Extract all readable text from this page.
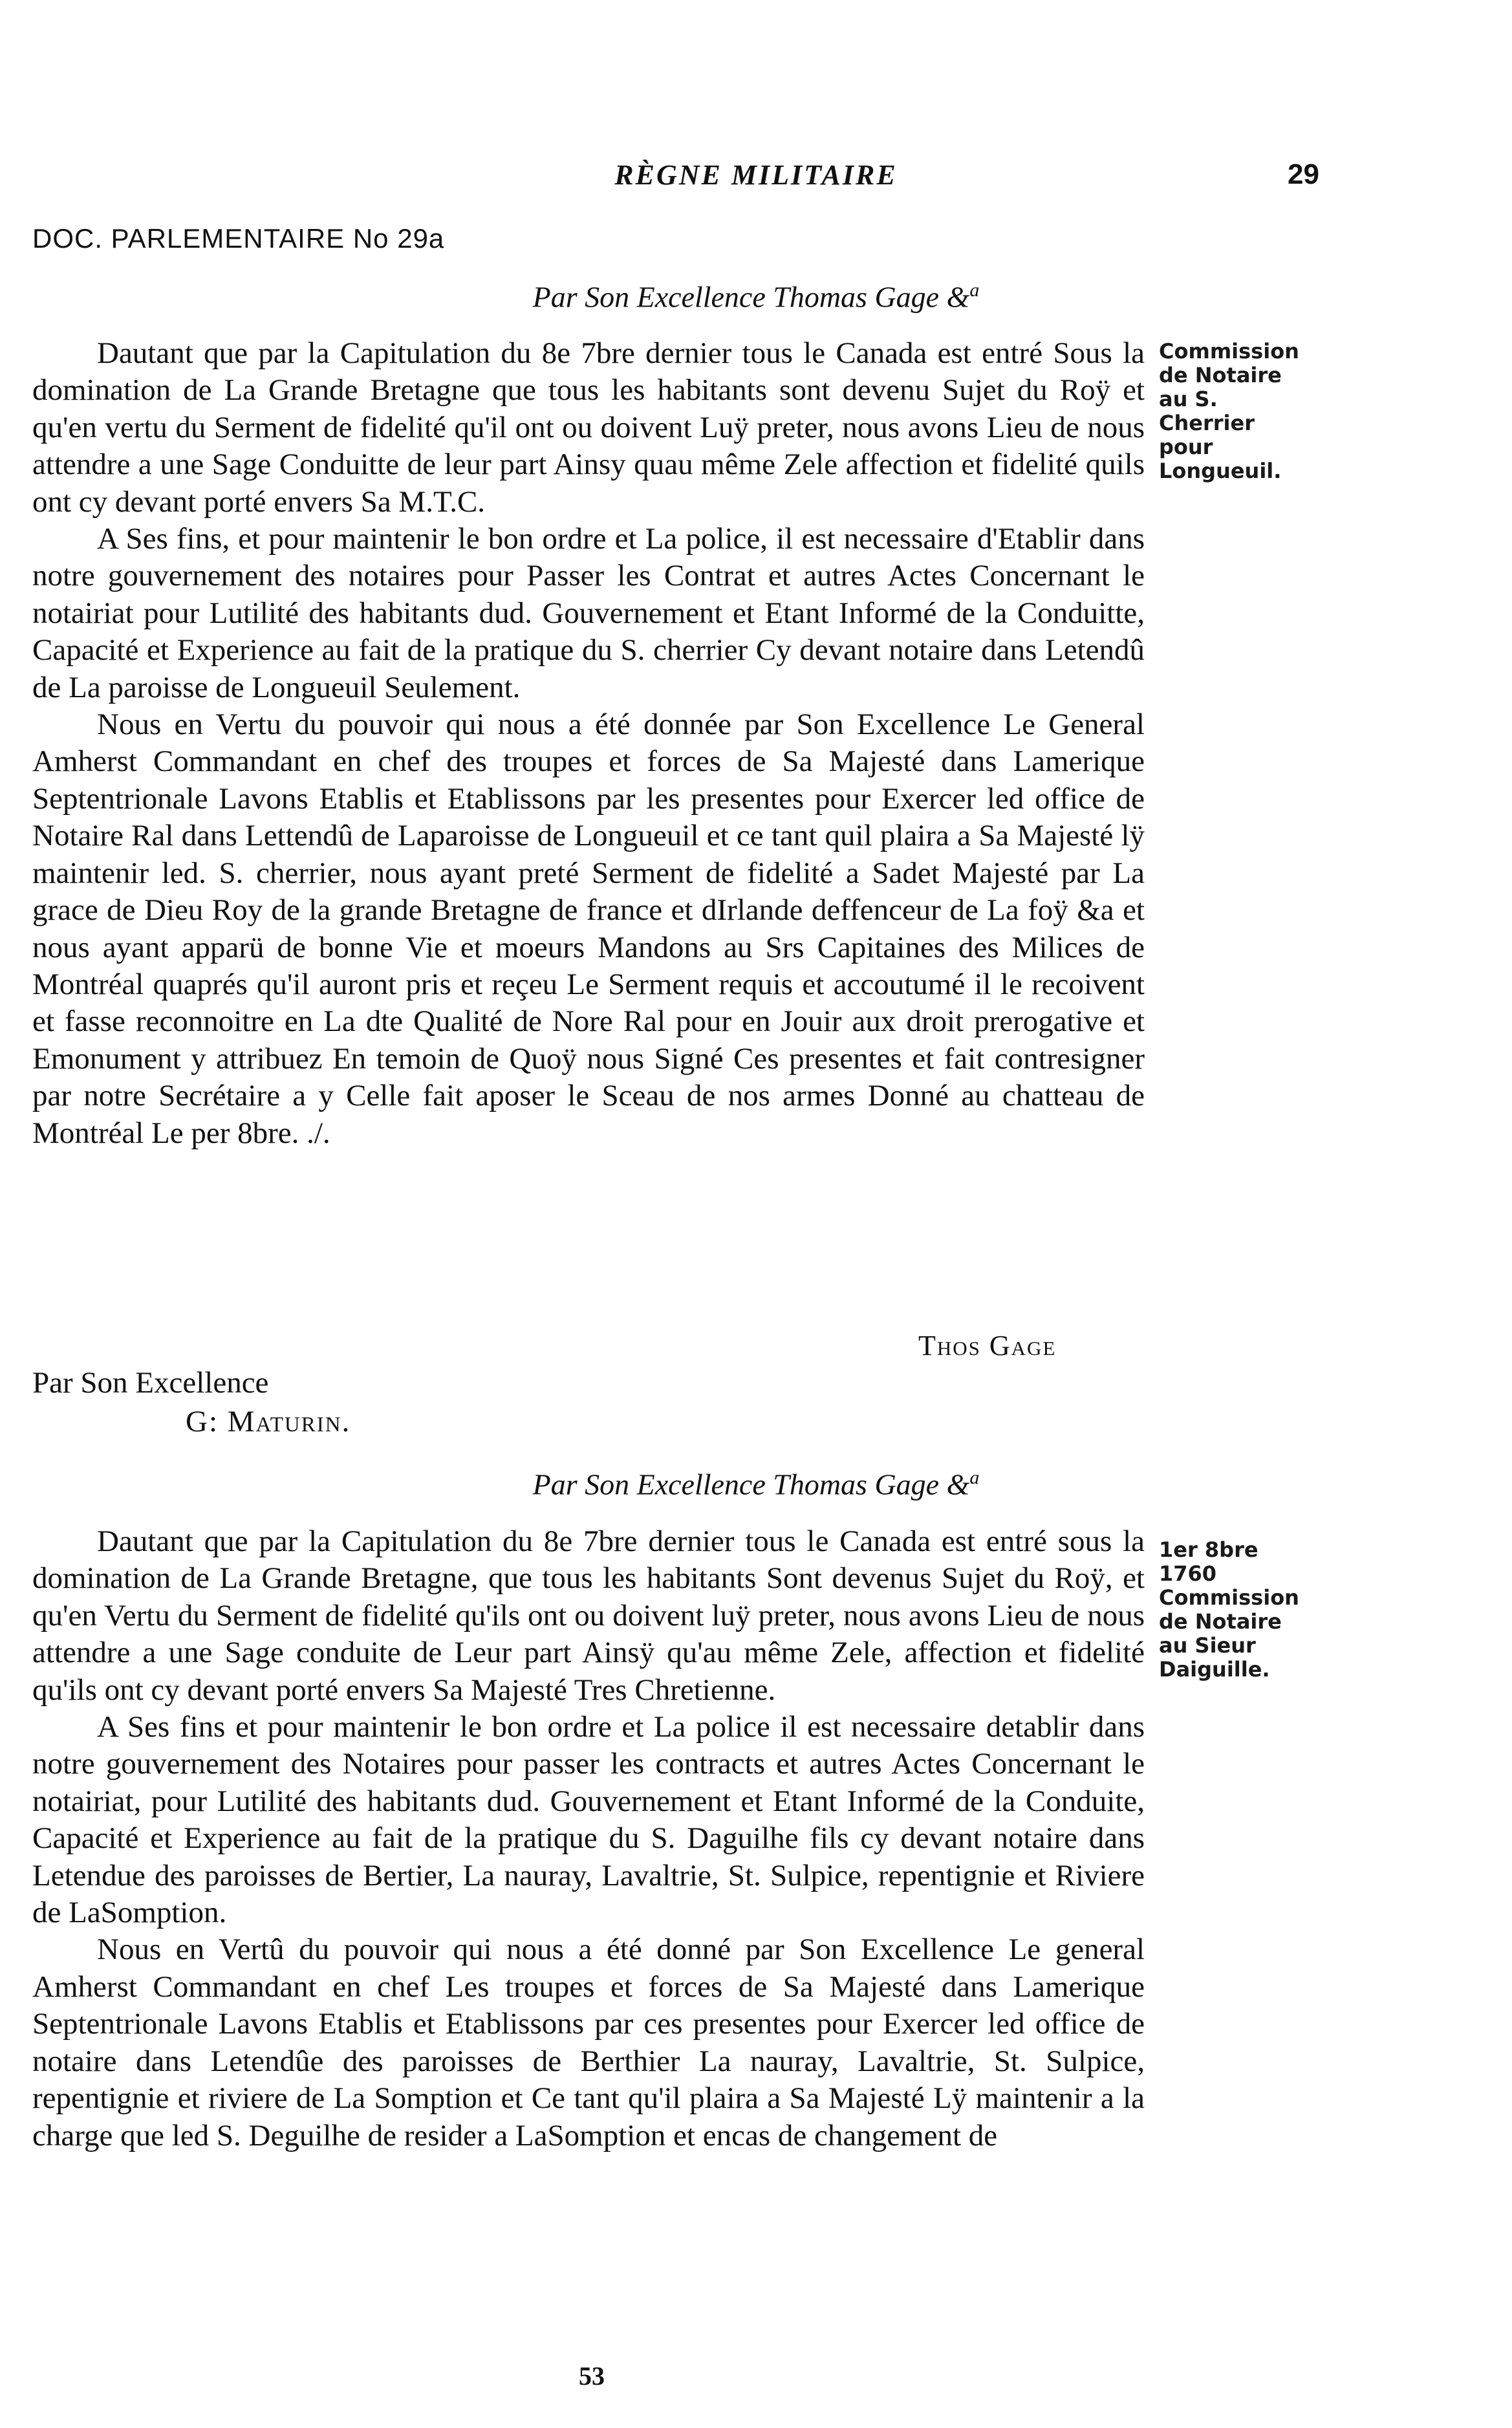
RÈGNE MILITAIRE	29
DOC. PARLEMENTAIRE No 29a
Par Son Excellence Thomas Gage &$^a$
Commission
de Notaire
au S.
Cherrier
pour
Longueuil.

Dautant que par la Capitulation du 8e 7bre dernier tous le Canada est entré Sous la domination de La Grande Bretagne que tous les habitants sont devenu Sujet du Roÿ et qu'en vertu du Serment de fidelité qu'il ont ou doivent Luÿ preter, nous avons Lieu de nous attendre a une Sage Conduitte de leur part Ainsy quau même Zele affection et fidelité quils ont cy devant porté envers Sa M.T.C.

A Ses fins, et pour maintenir le bon ordre et La police, il est necessaire d'Etablir dans notre gouvernement des notaires pour Passer les Contrat et autres Actes Concernant le notairiat pour Lutilité des habitants dud. Gouvernement et Etant Informé de la Conduitte, Capacité et Experience au fait de la pratique du S. cherrier Cy devant notaire dans Letendû de La paroisse de Longueuil Seulement.

Nous en Vertu du pouvoir qui nous a été donnée par Son Excellence Le General Amherst Commandant en chef des troupes et forces de Sa Majesté dans Lamerique Septentrionale Lavons Etablis et Etablissons par les presentes pour Exercer led office de Notaire Ral dans Lettendû de Laparoisse de Longueuil et ce tant quil plaira a Sa Majesté lÿ maintenir led. S. cherrier, nous ayant preté Serment de fidelité a Sadet Majesté par La grace de Dieu Roy de la grande Bretagne de france et dIrlande deffenceur de La foÿ &a et nous ayant apparü de bonne Vie et moeurs Mandons au Srs Capitaines des Milices de Montréal quaprés qu'il auront pris et reçeu Le Serment requis et accoutumé il le recoivent et fasse reconnoitre en La dte Qualité de Nore Ral pour en Jouir aux droit prerogative et Emonument y attribuez En temoin de Quoÿ nous Signé Ces presentes et fait contresigner par notre Secrétaire a y Celle fait aposer le Sceau de nos armes Donné au chatteau de Montréal Le per 8bre. ./.

Thos Gage
Par Son Excellence
G: Maturin.
Par Son Excellence Thomas Gage &$^a$
1er 8bre
1760
Commission
de Notaire
au Sieur
Daiguille.

Dautant que par la Capitulation du 8e 7bre dernier tous le Canada est entré sous la domination de La Grande Bretagne, que tous les habitants Sont devenus Sujet du Roÿ, et qu'en Vertu du Serment de fidelité qu'ils ont ou doivent luÿ preter, nous avons Lieu de nous attendre a une Sage conduite de Leur part Ainsÿ qu'au même Zele, affection et fidelité qu'ils ont cy devant porté envers Sa Majesté Tres Chretienne.

A Ses fins et pour maintenir le bon ordre et La police il est necessaire detablir dans notre gouvernement des Notaires pour passer les contracts et autres Actes Concernant le notairiat, pour Lutilité des habitants dud. Gouvernement et Etant Informé de la Conduite, Capacité et Experience au fait de la pratique du S. Daguilhe fils cy devant notaire dans Letendue des paroisses de Bertier, La nauray, Lavaltrie, St. Sulpice, repentignie et Riviere de LaSomption.

Nous en Vertû du pouvoir qui nous a été donné par Son Excellence Le general Amherst Commandant en chef Les troupes et forces de Sa Majesté dans Lamerique Septentrionale Lavons Etablis et Etablissons par ces presentes pour Exercer led office de notaire dans Letendûe des paroisses de Berthier La nauray, Lavaltrie, St. Sulpice, repentignie et riviere de La Somption et Ce tant qu'il plaira a Sa Majesté Lÿ maintenir a la charge que led S. Deguilhe de resider a LaSomption et encas de changement de

53
